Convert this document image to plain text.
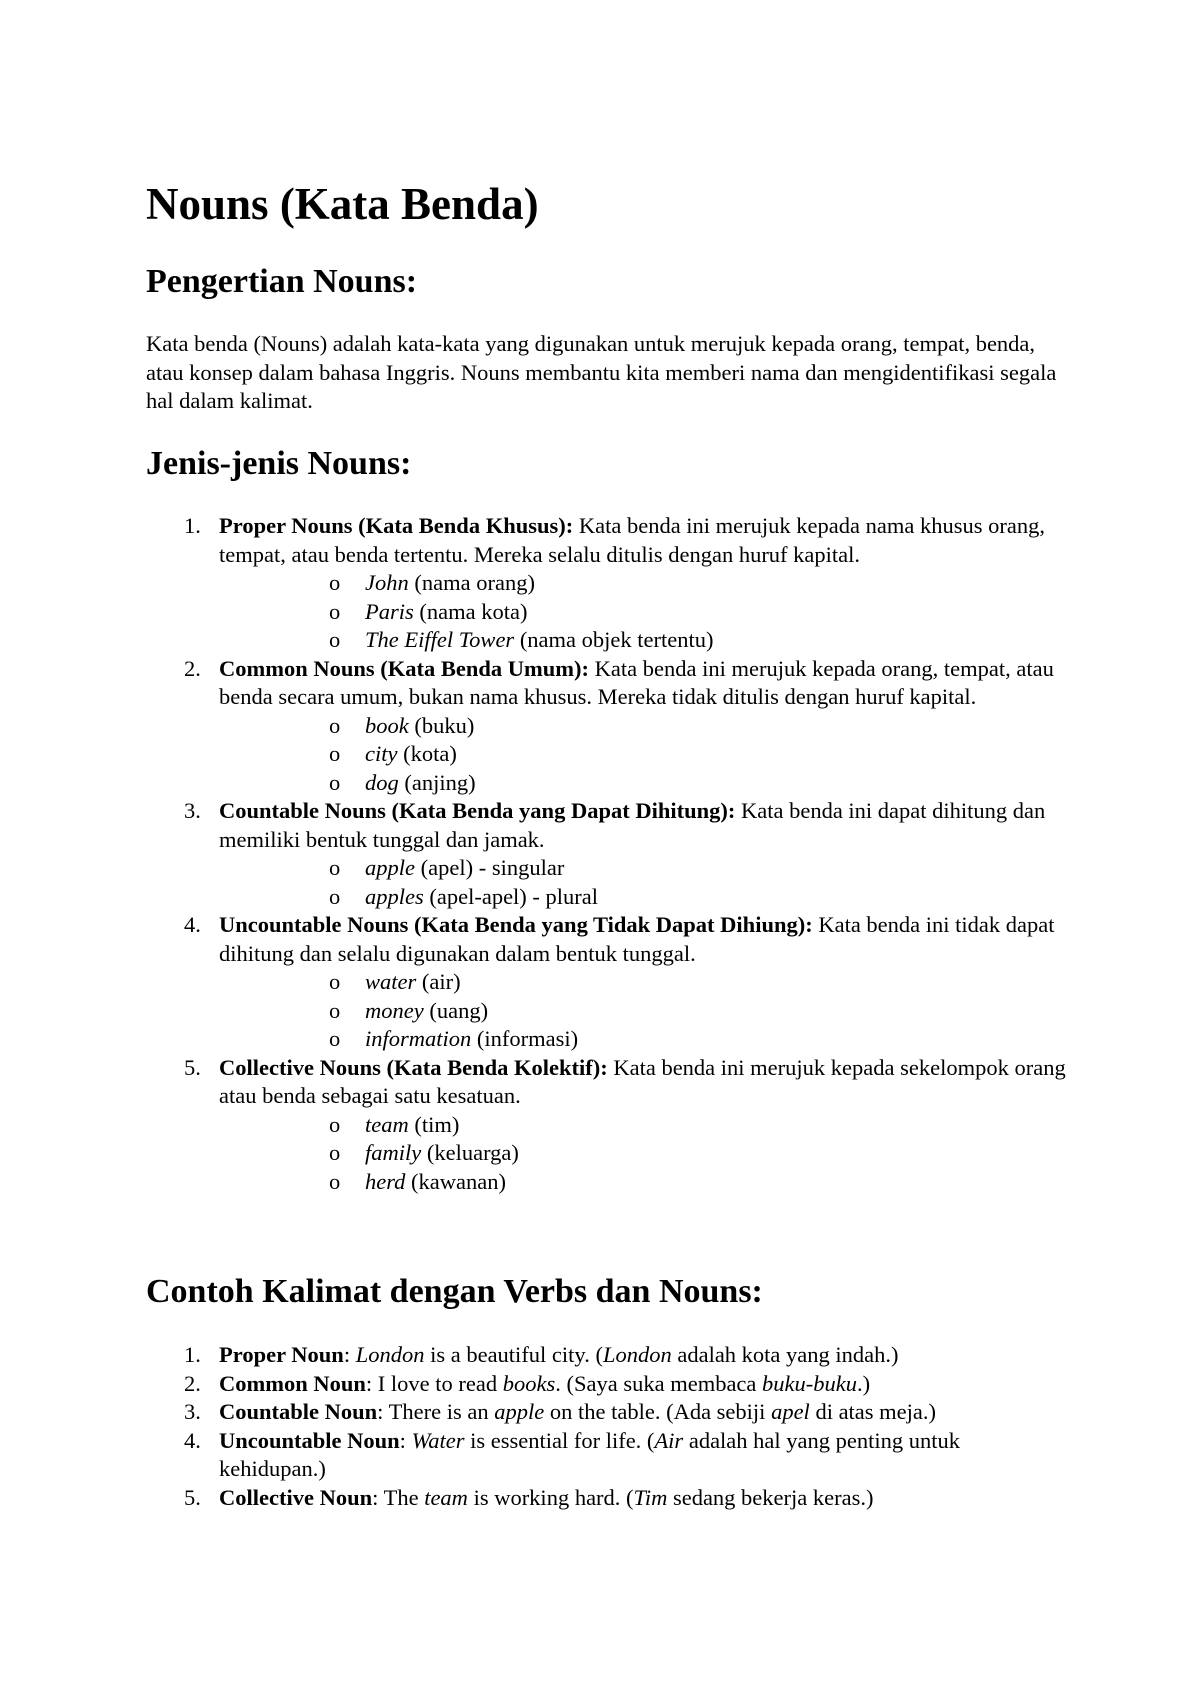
Nouns (Kata Benda)
Pengertian Nouns:

Kata benda (Nouns) adalah kata-kata yang digunakan untuk merujuk kepada orang, tempat, benda, atau konsep dalam bahasa Inggris. Nouns membantu kita memberi nama dan mengidentifikasi segala hal dalam kalimat.

Jenis-jenis Nouns:
1. Proper Nouns (Kata Benda Khusus): Kata benda ini merujuk kepada nama khusus orang, tempat, atau benda tertentu. Mereka selalu ditulis dengan huruf kapital.
o John (nama orang)
o Paris (nama kota)
o The Eiffel Tower (nama objek tertentu)
2. Common Nouns (Kata Benda Umum): Kata benda ini merujuk kepada orang, tempat, atau benda secara umum, bukan nama khusus. Mereka tidak ditulis dengan huruf kapital.
o book (buku)
o city (kota)
o dog (anjing)
3. Countable Nouns (Kata Benda yang Dapat Dihitung): Kata benda ini dapat dihitung dan memiliki bentuk tunggal dan jamak.
o apple (apel) - singular
o apples (apel-apel) - plural
4. Uncountable Nouns (Kata Benda yang Tidak Dapat Dihiung): Kata benda ini tidak dapat dihitung dan selalu digunakan dalam bentuk tunggal.
o water (air)
o money (uang)
o information (informasi)
5. Collective Nouns (Kata Benda Kolektif): Kata benda ini merujuk kepada sekelompok orang atau benda sebagai satu kesatuan.
o team (tim)
o family (keluarga)
o herd (kawanan)
Contoh Kalimat dengan Verbs dan Nouns:
1. Proper Noun: London is a beautiful city. (London adalah kota yang indah.)
2. Common Noun: I love to read books. (Saya suka membaca buku-buku.)
3. Countable Noun: There is an apple on the table. (Ada sebiji apel di atas meja.)
4. Uncountable Noun: Water is essential for life. (Air adalah hal yang penting untuk kehidupan.)
5. Collective Noun: The team is working hard. (Tim sedang bekerja keras.)
